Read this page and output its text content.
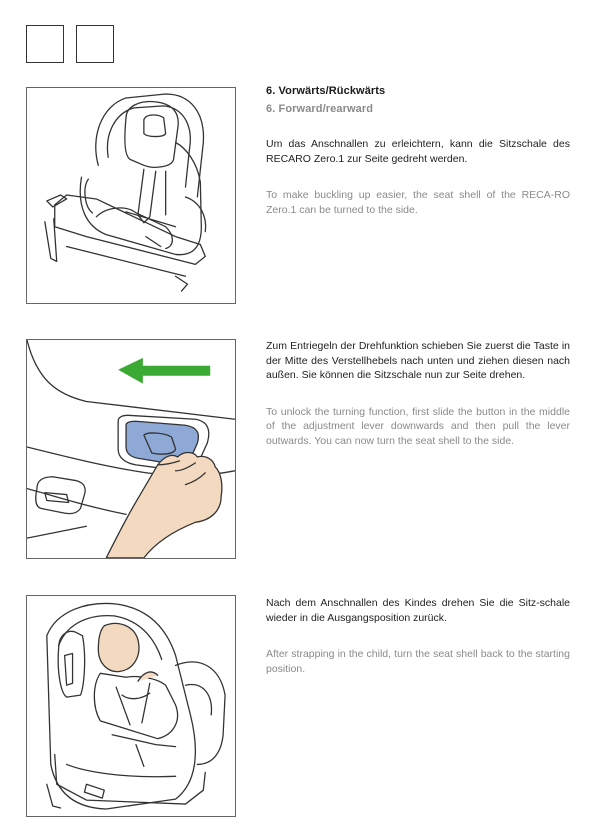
6. Vorwärts/Rückwärts

6. Forward/rearward

Um das Anschnallen zu erleichtern, kann die Sitzschale des RECARO Zero.1 zur Seite gedreht werden.

To make buckling up easier, the seat shell of the RECA-RO Zero.1 can be turned to the side.

Zum Entriegeln der Drehfunktion schieben Sie zuerst die Taste in der Mitte des Verstellhebels nach unten und ziehen diesen nach außen. Sie können die Sitzschale nun zur Seite drehen.

To unlock the turning function, first slide the button in the middle of the adjustment lever downwards and then pull the lever outwards. You can now turn the seat shell to the side.

Nach dem Anschnallen des Kindes drehen Sie die Sitz-schale wieder in die Ausgangsposition zurück.

After strapping in the child, turn the seat shell back to the starting position.
